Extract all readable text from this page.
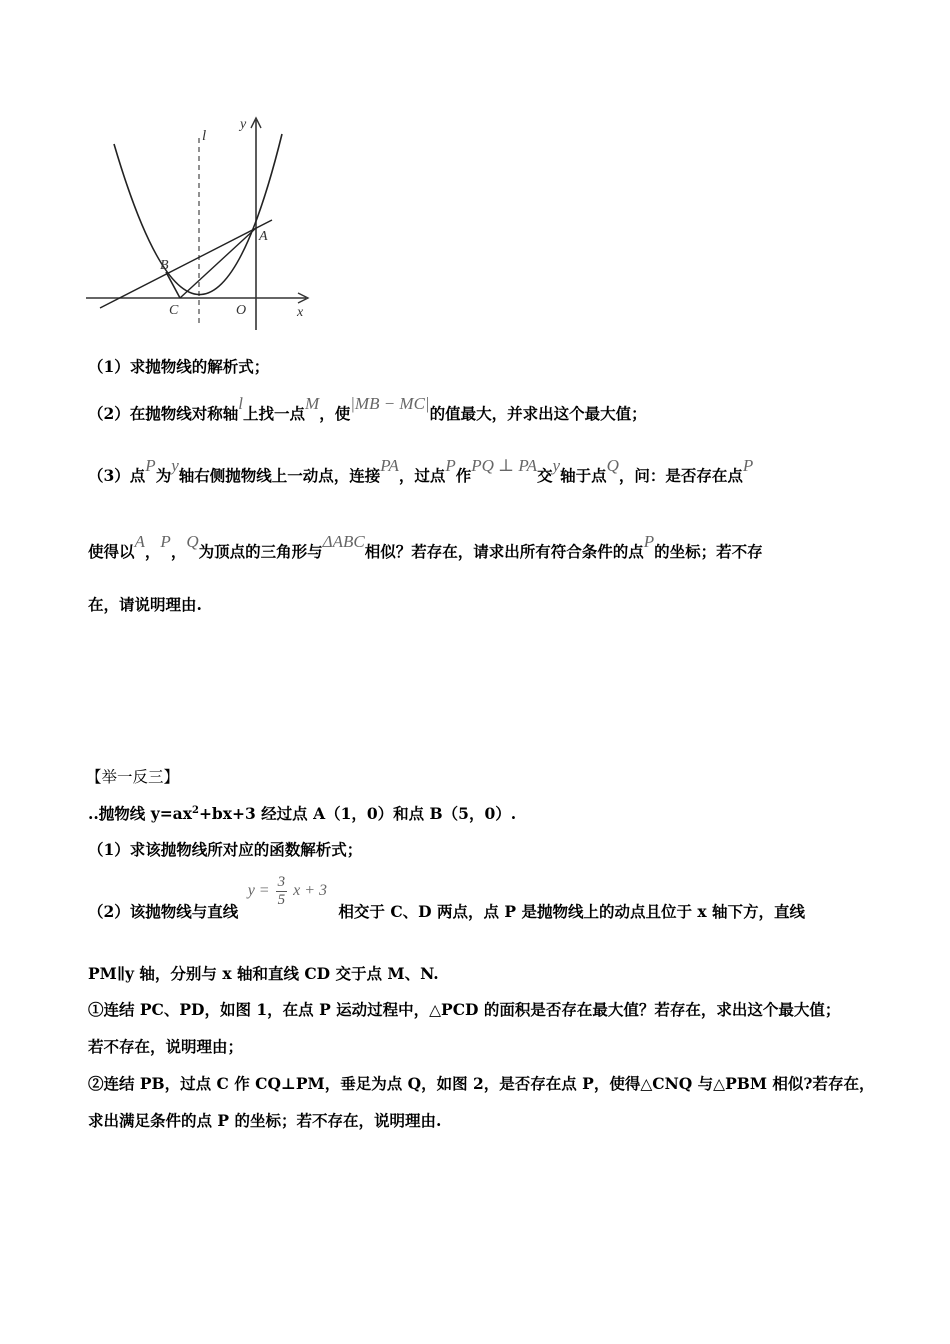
y
l
A
B
C	O	x
（1）求抛物线的解析式；
（2）在抛物线对称轴l上找一点M，使|MB − MC|的值最大，并求出这个最大值；
（3）点P为y轴右侧抛物线上一动点，连接PA，过点P作PQ ⊥ PA交y轴于点Q，问：是否存在点P
使得以A，P，Q为顶点的三角形与ΔABC相似？若存在，请求出所有符合条件的点P的坐标；若不存
在，请说明理由.
【举一反三】
..抛物线 $y=ax^2+bx+3$ 经过点 A（1，0）和点 B（5，0）.
（1）求该抛物线所对应的函数解析式；
（2）该抛物线与直线 $y = \frac{3}{5}$ x + 3 相交于 C、D 两点，点 P 是抛物线上的动点且位于 x 轴下方，直线
PM∥y 轴，分别与 x 轴和直线 CD 交于点 M、N.
①连结 PC、PD，如图 1，在点 P 运动过程中，△PCD 的面积是否存在最大值？若存在，求出这个最大值；
若不存在，说明理由；
②连结 PB，过点 C 作 CQ⊥PM，垂足为点 Q，如图 2，是否存在点 P，使得△CNQ 与△PBM 相似?若存在，
求出满足条件的点 P 的坐标；若不存在，说明理由.
